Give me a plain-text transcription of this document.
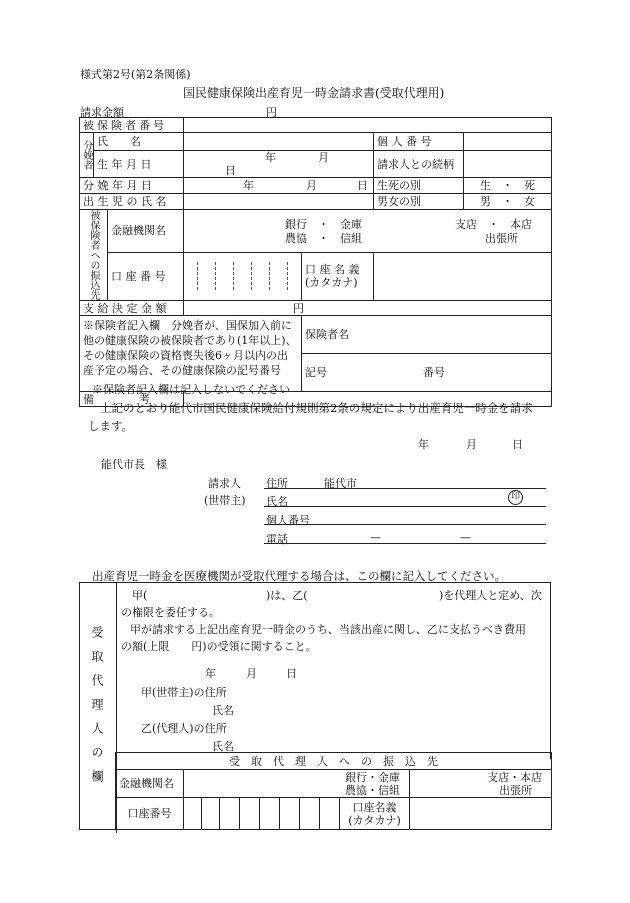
様式第2号(第2条関係)
国民健康保険出産育児一時金請求書(受取代理用)
請求金額	円
被保険者番号						
分娩者	氏　　名				個 人 番 号	
	生 年 月 日		年 月日		請求人との続柄	
分 娩 年 月 日			年 月 日		生死の別	生　・　死
出 生 児 の 氏 名					男女の別	男　・　女
被保険者への振込先		金融機関名	銀行　・　金庫
農協　・　信組
支店　・　本店
出張所			

		口 座 番 号		口 座 名 義
(カタカナ)		

支 給 決 定 金 額			円			
※保険者記入欄　分娩者が、国保加入前に他の健康保険の被保険者であり(1年以上)、その健康保険の資格喪失後6ヶ月以内の出産予定の場合、その健康保険の記号番号				保険者名		
				記号 番号		
備　　　考						
※保険者記入欄は記入しないでください
上記のとおり能代市国民健康保険給付規則第2条の規定により出産育児一時金を請求
します。
年	月	日
能代市長　様
請求人
(世帯主)
住所	能代市
氏名	印
個人番号
電話	—	—
出産育児一時金を医療機関が受取代理する場合は、この欄に記入してください。
受取代理人の欄
甲(	)は、乙(	)を代理人と定め、次
の権限を委任する。
甲が請求する上記出産育児一時金のうち、当該出産に関し、乙に支払うべき費用
の額(上限　　円)の受領に関すること。
年	月	日
甲(世帯主)の住所
氏名
乙(代理人)の住所
氏名
受　取　代　理　人　へ　の　振　込　先										
金融機関名	銀行・金庫
農協・信組									支店・本店
出張所

口座番号									口座名義
(カタカナ)	
